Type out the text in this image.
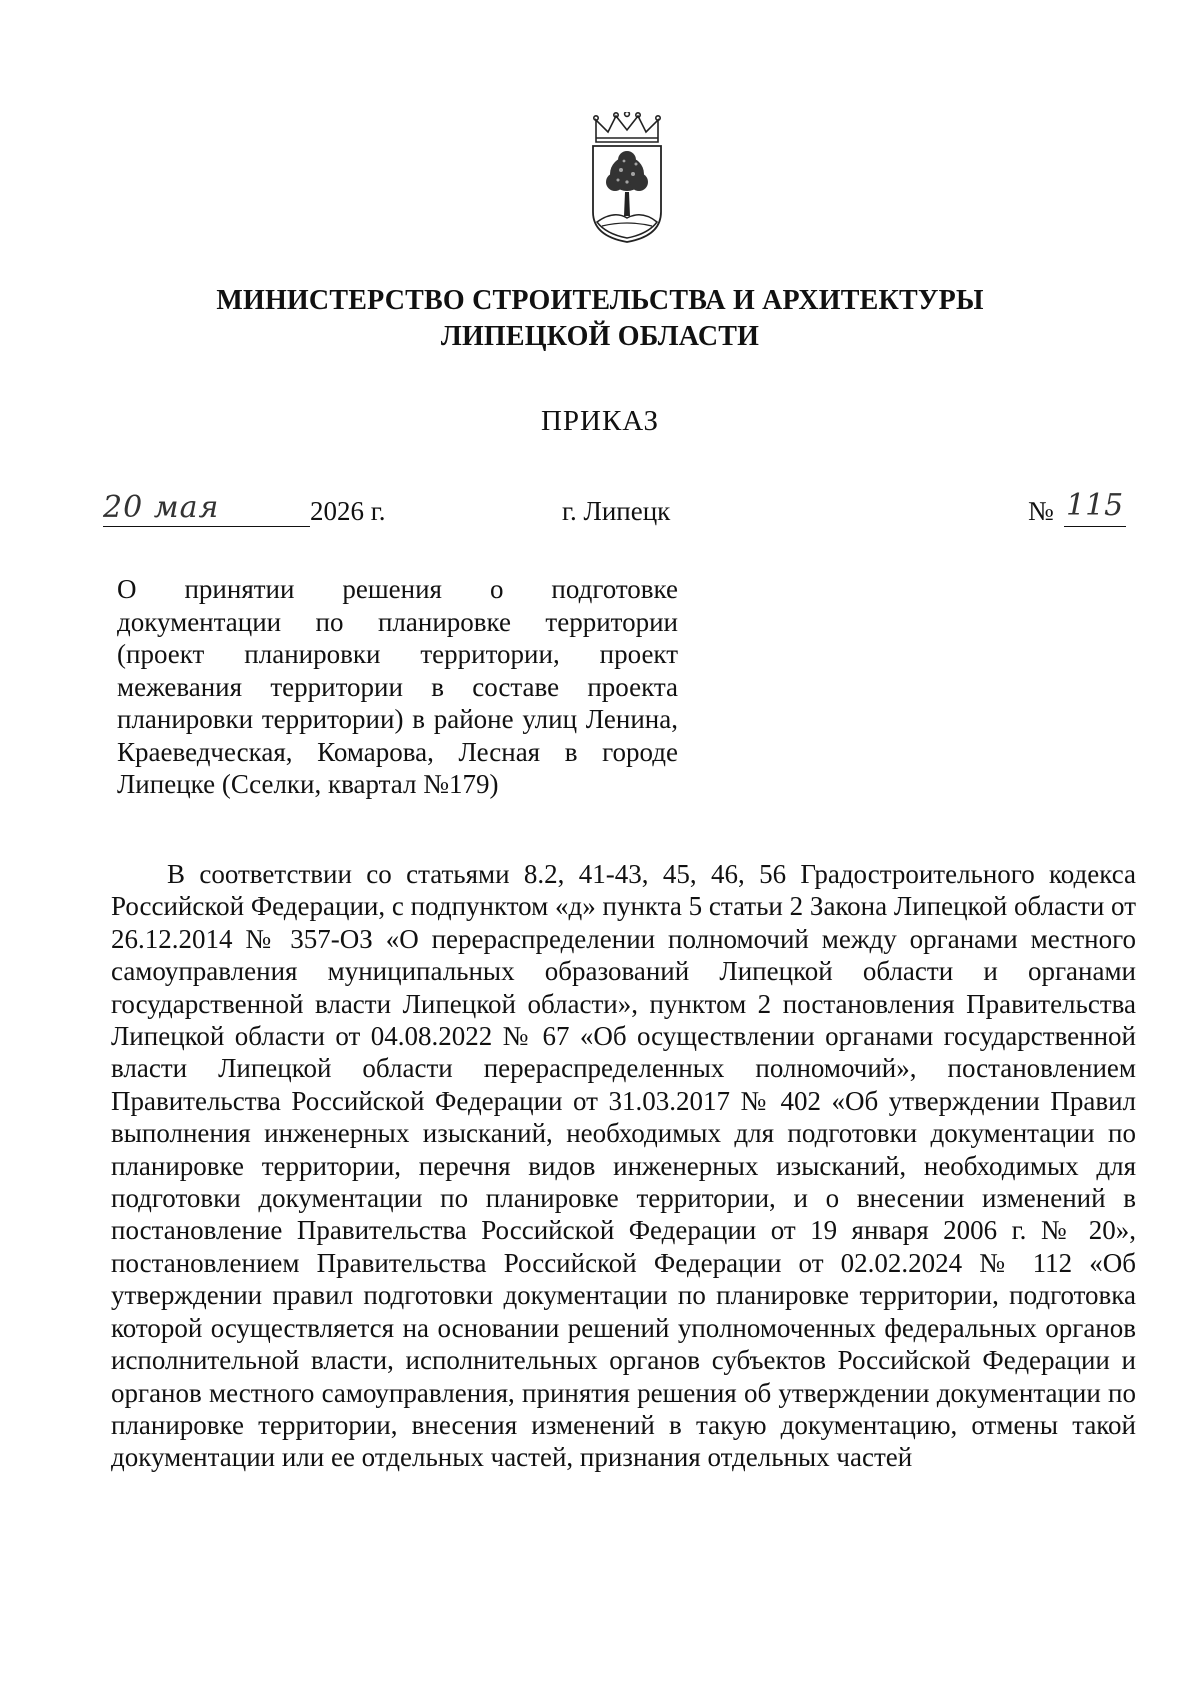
МИНИСТЕРСТВО СТРОИТЕЛЬСТВА И АРХИТЕКТУРЫ
ЛИПЕЦКОЙ ОБЛАСТИ
ПРИКАЗ
20 мая	2026 г.	г. Липецк	№ 115
О принятии решения о подготовке документации по планировке территории (проект планировки территории, проект межевания территории в составе проекта планировки территории) в районе улиц Ленина, Краеведческая, Комарова, Лесная в городе Липецке (Сселки, квартал №179)

В соответствии со статьями 8.2, 41-43, 45, 46, 56 Градостроительного кодекса Российской Федерации, с подпунктом «д» пункта 5 статьи 2 Закона Липецкой области от 26.12.2014 № 357-ОЗ «О перераспределении полномочий между органами местного самоуправления муниципальных образований Липецкой области и органами государственной власти Липецкой области», пунктом 2 постановления Правительства Липецкой области от 04.08.2022 № 67 «Об осуществлении органами государственной власти Липецкой области перераспределенных полномочий», постановлением Правительства Российской Федерации от 31.03.2017 № 402 «Об утверждении Правил выполнения инженерных изысканий, необходимых для подготовки документации по планировке территории, перечня видов инженерных изысканий, необходимых для подготовки документации по планировке территории, и о внесении изменений в постановление Правительства Российской Федерации от 19 января 2006 г. № 20», постановлением Правительства Российской Федерации от 02.02.2024 № 112 «Об утверждении правил подготовки документации по планировке территории, подготовка которой осуществляется на основании решений уполномоченных федеральных органов исполнительной власти, исполнительных органов субъектов Российской Федерации и органов местного самоуправления, принятия решения об утверждении документации по планировке территории, внесения изменений в такую документацию, отмены такой документации или ее отдельных частей, признания отдельных частей
